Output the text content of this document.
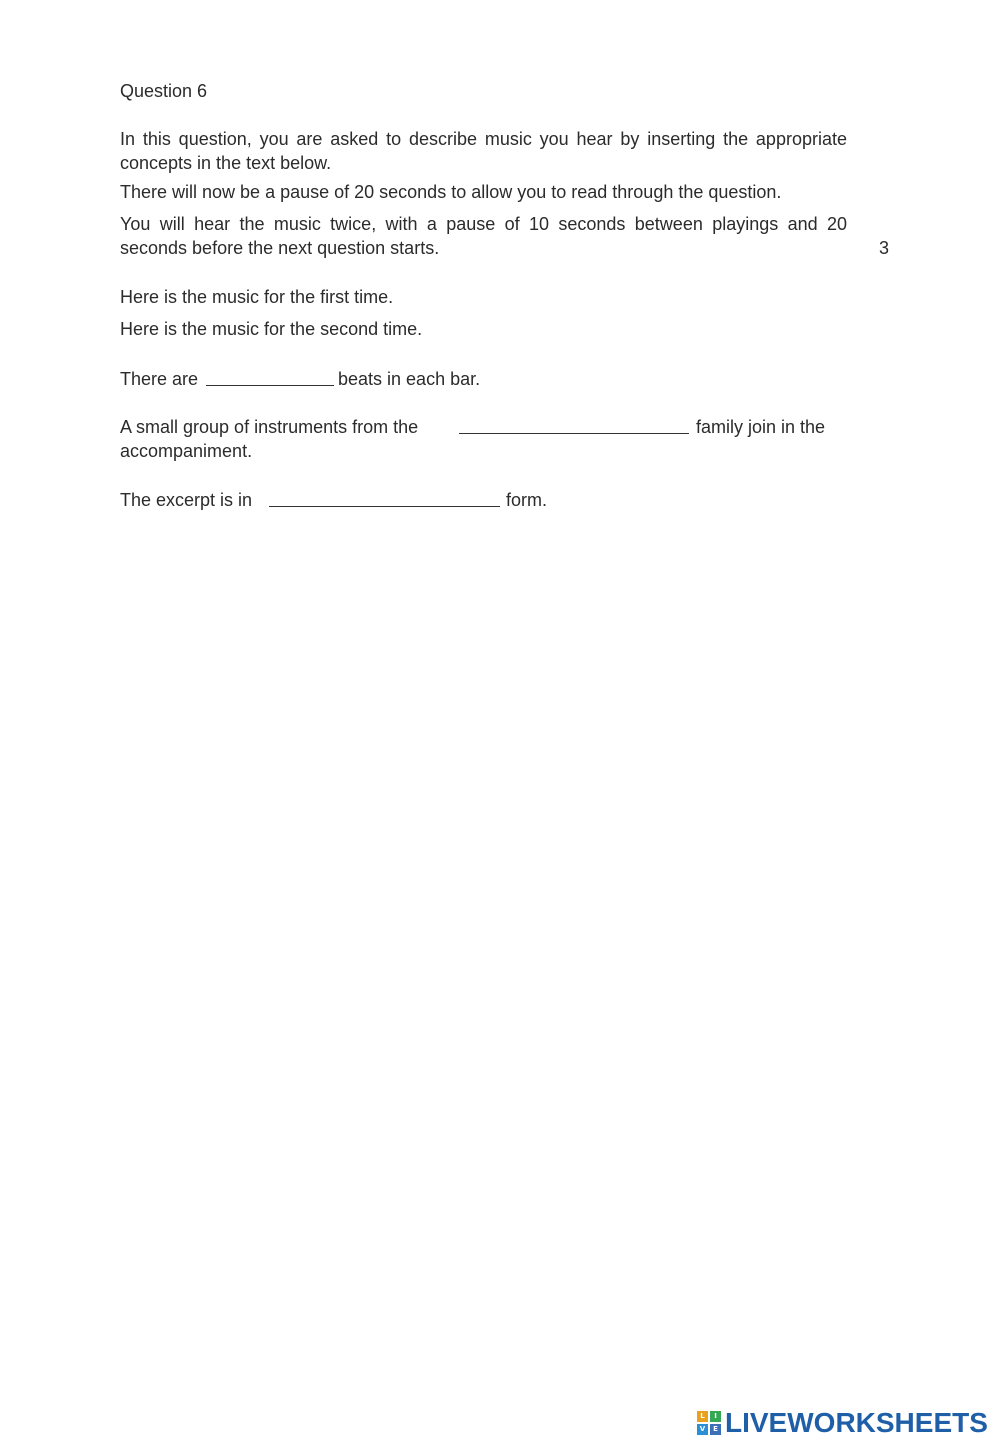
Question 6
In this question, you are asked to describe music you hear by inserting the appropriate concepts in the text below.
There will now be a pause of 20 seconds to allow you to read through the question.
You will hear the music twice, with a pause of 10 seconds between playings and 20 seconds before the next question starts.	3
Here is the music for the first time.
Here is the music for the second time.
There are	beats in each bar.
A small group of instruments from the	family join in the
accompaniment.
The excerpt is in	form.
L	I
V	E LIVEWORKSHEETS
